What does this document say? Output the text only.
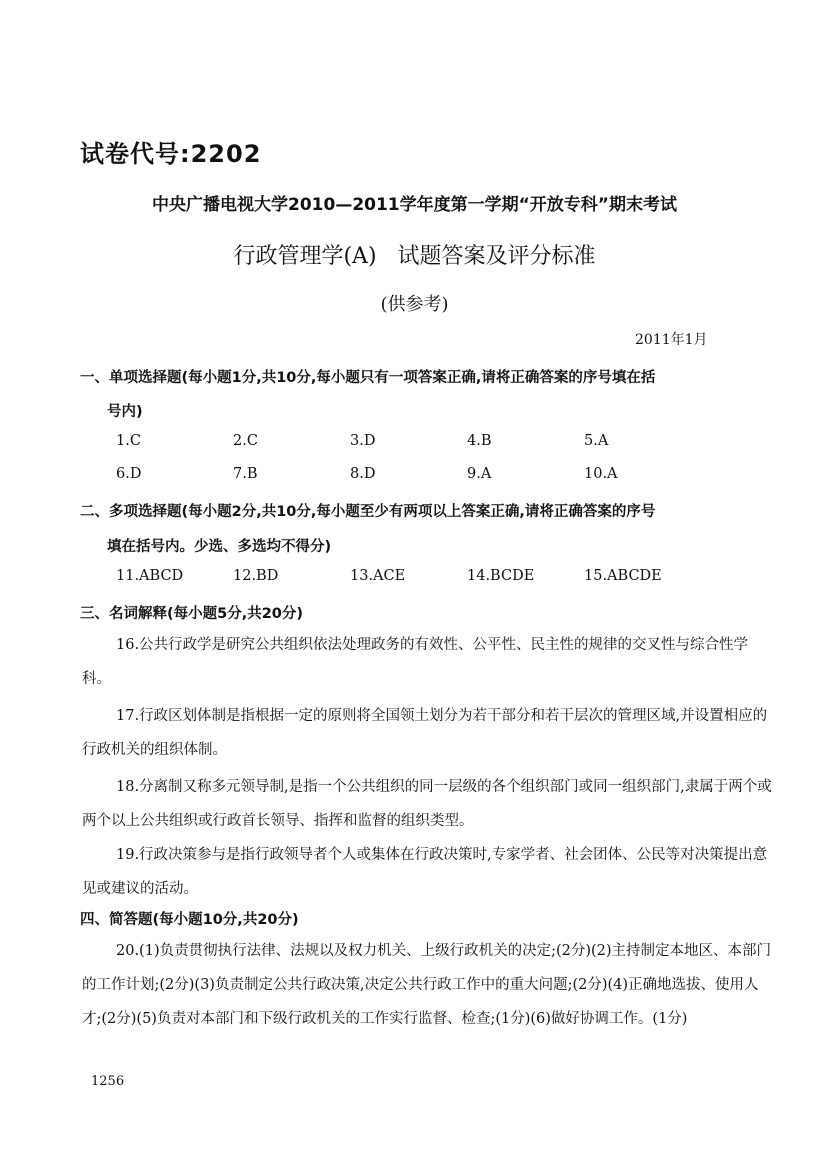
试卷代号:2202
中央广播电视大学2010—2011学年度第一学期“开放专科”期末考试
行政管理学(A)   试题答案及评分标准
(供参考)
2011年1月
一、单项选择题(每小题1分,共10分,每小题只有一项答案正确,请将正确答案的序号填在括
号内)
1.C	2.C	3.D	4.B	5.A
6.D	7.B	8.D	9.A	10.A
二、多项选择题(每小题2分,共10分,每小题至少有两项以上答案正确,请将正确答案的序号
填在括号内。少选、多选均不得分)
11.ABCD	12.BD	13.ACE	14.BCDE	15.ABCDE
三、名词解释(每小题5分,共20分)
16.公共行政学是研究公共组织依法处理政务的有效性、公平性、民主性的规律的交叉性与综合性学科。
17.行政区划体制是指根据一定的原则将全国领土划分为若干部分和若干层次的管理区域,并设置相应的行政机关的组织体制。
18.分离制又称多元领导制,是指一个公共组织的同一层级的各个组织部门或同一组织部门,隶属于两个或两个以上公共组织或行政首长领导、指挥和监督的组织类型。
19.行政决策参与是指行政领导者个人或集体在行政决策时,专家学者、社会团体、公民等对决策提出意见或建议的活动。
四、简答题(每小题10分,共20分)
20.(1)负责贯彻执行法律、法规以及权力机关、上级行政机关的决定;(2分)(2)主持制定本地区、本部门的工作计划;(2分)(3)负责制定公共行政决策,决定公共行政工作中的重大问题;(2分)(4)正确地选拔、使用人才;(2分)(5)负责对本部门和下级行政机关的工作实行监督、检查;(1分)(6)做好协调工作。(1分)
1256
